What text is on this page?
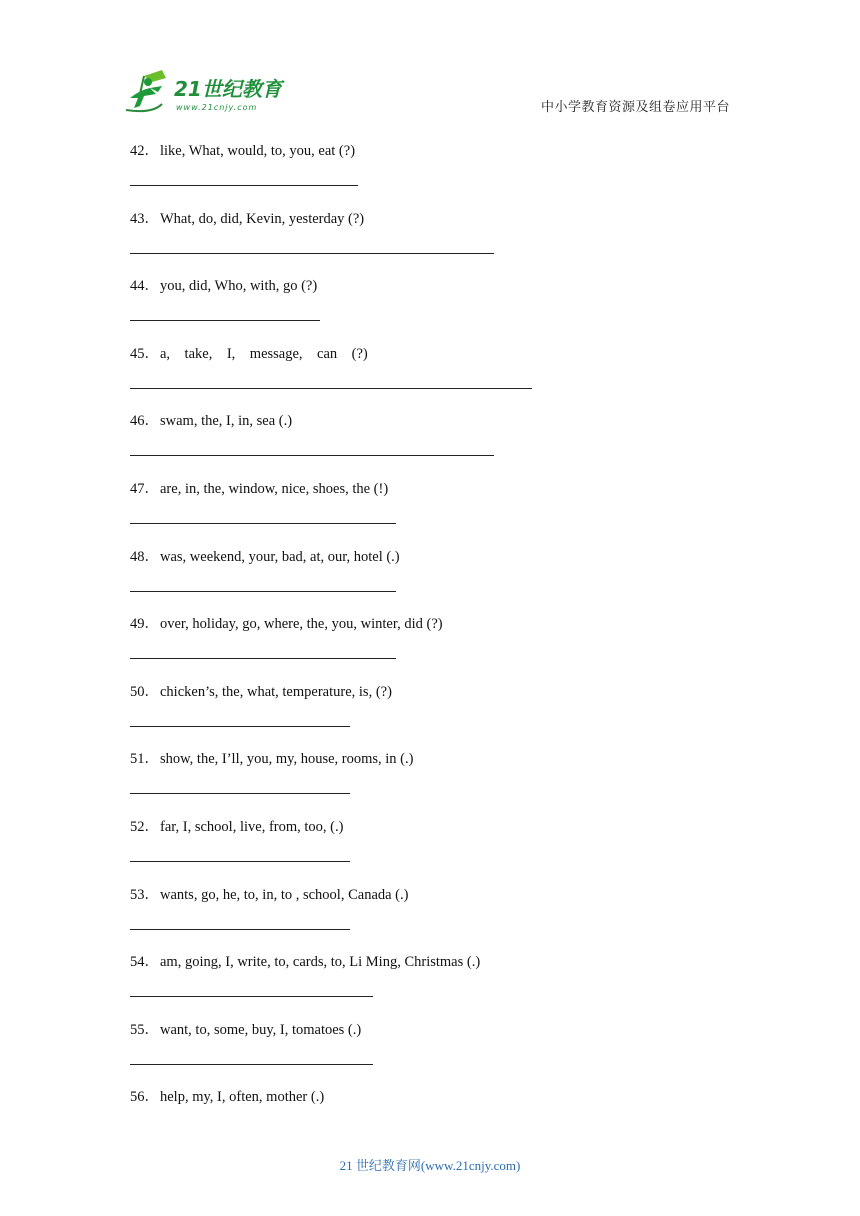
21世纪教育
www.21cnjy.com	中小学教育资源及组卷应用平台
42．like, What, would, to, you, eat (?)
43．What, do, did, Kevin, yesterday (?)
44．you, did, Who, with, go (?)
45．a,    take,    I,    message,    can    (?)
46．swam, the, I, in, sea (.)
47．are, in, the, window, nice, shoes, the (!)
48．was, weekend, your, bad, at, our, hotel (.)
49．over, holiday, go, where, the, you, winter, did (?)
50．chicken’s, the, what, temperature, is, (?)
51．show, the, I’ll, you, my, house, rooms, in (.)
52．far, I, school, live, from, too, (.)
53．wants, go, he, to, in, to , school, Canada (.)
54．am, going, I, write, to, cards, to, Li Ming, Christmas (.)
55．want, to, some, buy, I, tomatoes (.)
56．help, my, I, often, mother (.)
21 世纪教育网(www.21cnjy.com)
